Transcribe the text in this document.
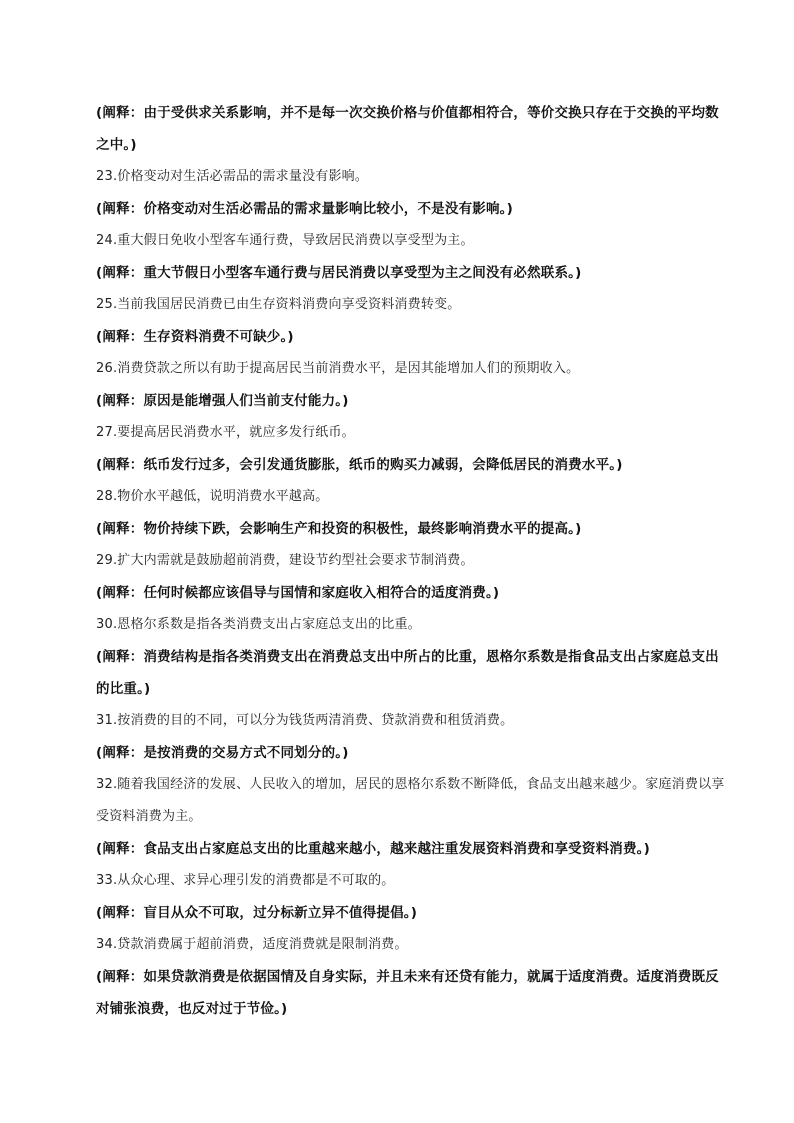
(阐释：由于受供求关系影响，并不是每一次交换价格与价值都相符合，等价交换只存在于交换的平均数之中。)

23.价格变动对生活必需品的需求量没有影响。

(阐释：价格变动对生活必需品的需求量影响比较小，不是没有影响。)

24.重大假日免收小型客车通行费，导致居民消费以享受型为主。

(阐释：重大节假日小型客车通行费与居民消费以享受型为主之间没有必然联系。)

25.当前我国居民消费已由生存资料消费向享受资料消费转变。

(阐释：生存资料消费不可缺少。)

26.消费贷款之所以有助于提高居民当前消费水平，是因其能增加人们的预期收入。

(阐释：原因是能增强人们当前支付能力。)

27.要提高居民消费水平，就应多发行纸币。

(阐释：纸币发行过多，会引发通货膨胀，纸币的购买力减弱，会降低居民的消费水平。)

28.物价水平越低，说明消费水平越高。

(阐释：物价持续下跌，会影响生产和投资的积极性，最终影响消费水平的提高。)

29.扩大内需就是鼓励超前消费，建设节约型社会要求节制消费。

(阐释：任何时候都应该倡导与国情和家庭收入相符合的适度消费。)

30.恩格尔系数是指各类消费支出占家庭总支出的比重。

(阐释：消费结构是指各类消费支出在消费总支出中所占的比重，恩格尔系数是指食品支出占家庭总支出的比重。)

31.按消费的目的不同，可以分为钱货两清消费、贷款消费和租赁消费。

(阐释：是按消费的交易方式不同划分的。)

32.随着我国经济的发展、人民收入的增加，居民的恩格尔系数不断降低，食品支出越来越少。家庭消费以享受资料消费为主。

(阐释：食品支出占家庭总支出的比重越来越小，越来越注重发展资料消费和享受资料消费。)

33.从众心理、求异心理引发的消费都是不可取的。

(阐释：盲目从众不可取，过分标新立异不值得提倡。)

34.贷款消费属于超前消费，适度消费就是限制消费。

(阐释：如果贷款消费是依据国情及自身实际，并且未来有还贷有能力，就属于适度消费。适度消费既反对铺张浪费，也反对过于节俭。)
